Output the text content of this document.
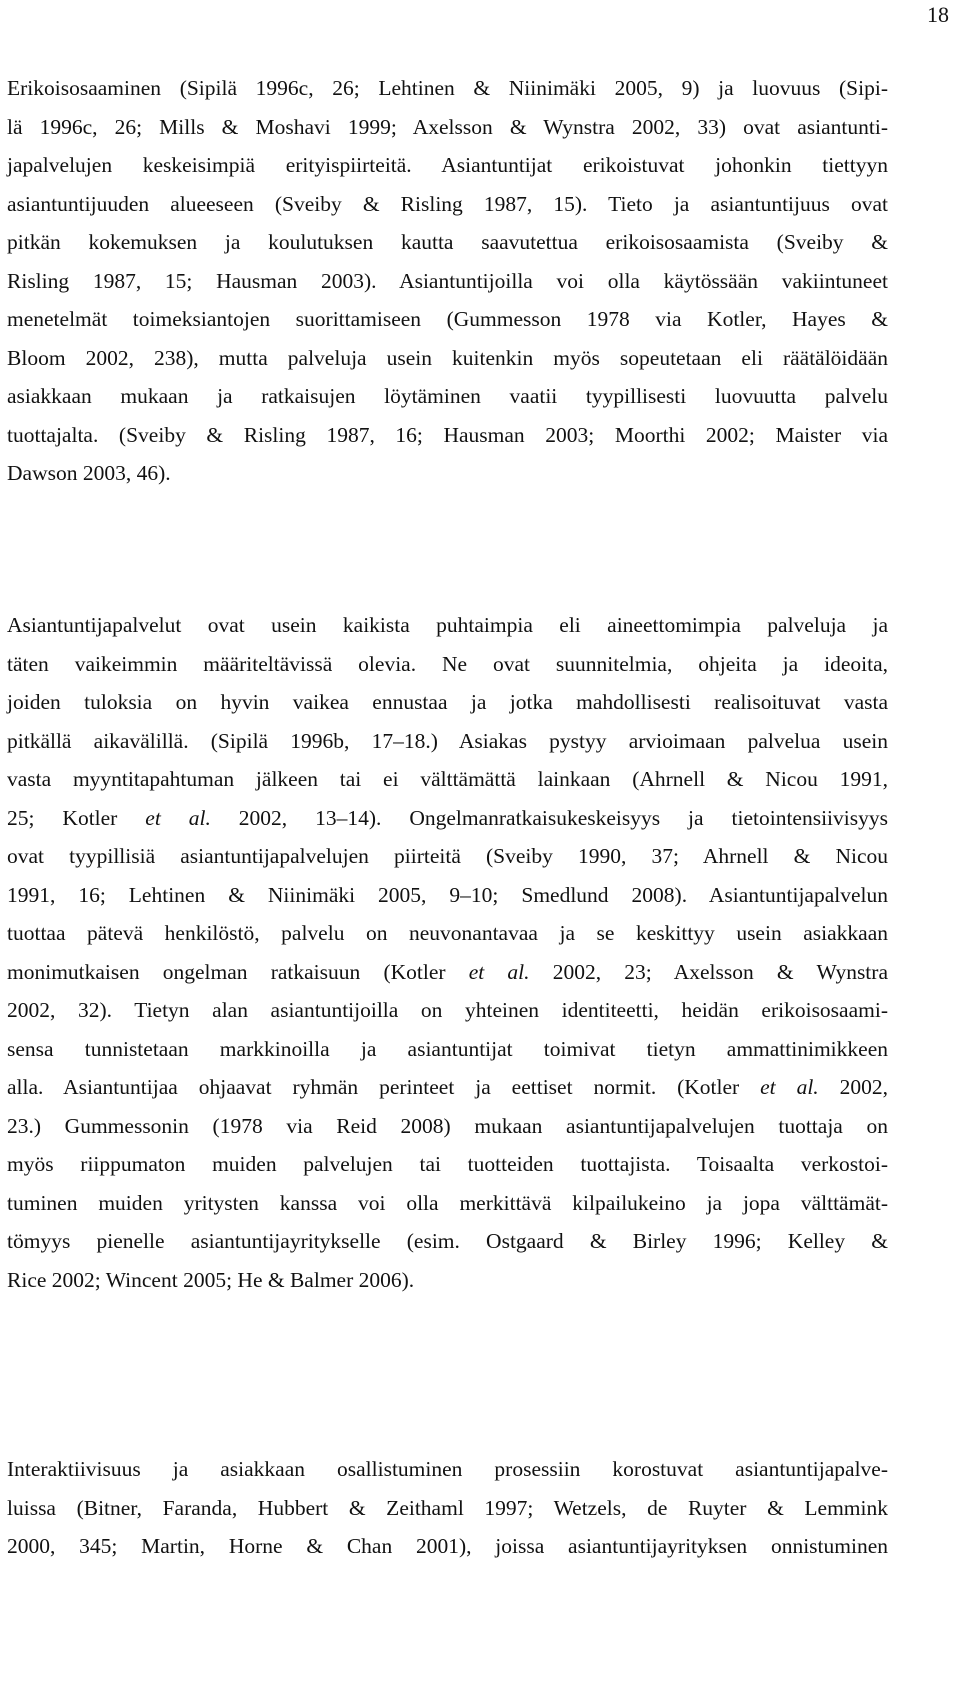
18
Erikoisosaaminen (Sipilä 1996c, 26; Lehtinen & Niinimäki 2005, 9) ja luovuus (Sipi-
lä 1996c, 26; Mills & Moshavi 1999; Axelsson & Wynstra 2002, 33) ovat asiantunti-
japalvelujen keskeisimpiä erityispiirteitä. Asiantuntijat erikoistuvat johonkin tiettyyn
asiantuntijuuden alueeseen (Sveiby & Risling 1987, 15). Tieto ja asiantuntijuus ovat
pitkän kokemuksen ja koulutuksen kautta saavutettua erikoisosaamista (Sveiby &
Risling 1987, 15; Hausman 2003). Asiantuntijoilla voi olla käytössään vakiintuneet
menetelmät toimeksiantojen suorittamiseen (Gummesson 1978 via Kotler, Hayes &
Bloom 2002, 238), mutta palveluja usein kuitenkin myös sopeutetaan eli räätälöidään
asiakkaan mukaan ja ratkaisujen löytäminen vaatii tyypillisesti luovuutta palvelu
tuottajalta. (Sveiby & Risling 1987, 16; Hausman 2003; Moorthi 2002; Maister via
Dawson 2003, 46).
Asiantuntijapalvelut ovat usein kaikista puhtaimpia eli aineettomimpia palveluja ja
täten vaikeimmin määriteltävissä olevia. Ne ovat suunnitelmia, ohjeita ja ideoita,
joiden tuloksia on hyvin vaikea ennustaa ja jotka mahdollisesti realisoituvat vasta
pitkällä aikavälillä. (Sipilä 1996b, 17–18.) Asiakas pystyy arvioimaan palvelua usein
vasta myyntitapahtuman jälkeen tai ei välttämättä lainkaan (Ahrnell & Nicou 1991,
25; Kotler et al. 2002, 13–14). Ongelmanratkaisukeskeisyys ja tietointensiivisyys
ovat tyypillisiä asiantuntijapalvelujen piirteitä (Sveiby 1990, 37; Ahrnell & Nicou
1991, 16; Lehtinen & Niinimäki 2005, 9–10; Smedlund 2008). Asiantuntijapalvelun
tuottaa pätevä henkilöstö, palvelu on neuvonantavaa ja se keskittyy usein asiakkaan
monimutkaisen ongelman ratkaisuun (Kotler et al. 2002, 23; Axelsson & Wynstra
2002, 32). Tietyn alan asiantuntijoilla on yhteinen identiteetti, heidän erikoisosaami-
sensa tunnistetaan markkinoilla ja asiantuntijat toimivat tietyn ammattinimikkeen
alla. Asiantuntijaa ohjaavat ryhmän perinteet ja eettiset normit. (Kotler et al. 2002,
23.) Gummessonin (1978 via Reid 2008) mukaan asiantuntijapalvelujen tuottaja on
myös riippumaton muiden palvelujen tai tuotteiden tuottajista. Toisaalta verkostoi-
tuminen muiden yritysten kanssa voi olla merkittävä kilpailukeino ja jopa välttämät-
tömyys pienelle asiantuntijayritykselle (esim. Ostgaard & Birley 1996; Kelley &
Rice 2002; Wincent 2005; He & Balmer 2006).
Interaktiivisuus ja asiakkaan osallistuminen prosessiin korostuvat asiantuntijapalve-
luissa (Bitner, Faranda, Hubbert & Zeithaml 1997; Wetzels, de Ruyter & Lemmink
2000, 345; Martin, Horne & Chan 2001), joissa asiantuntijayrityksen onnistuminen
